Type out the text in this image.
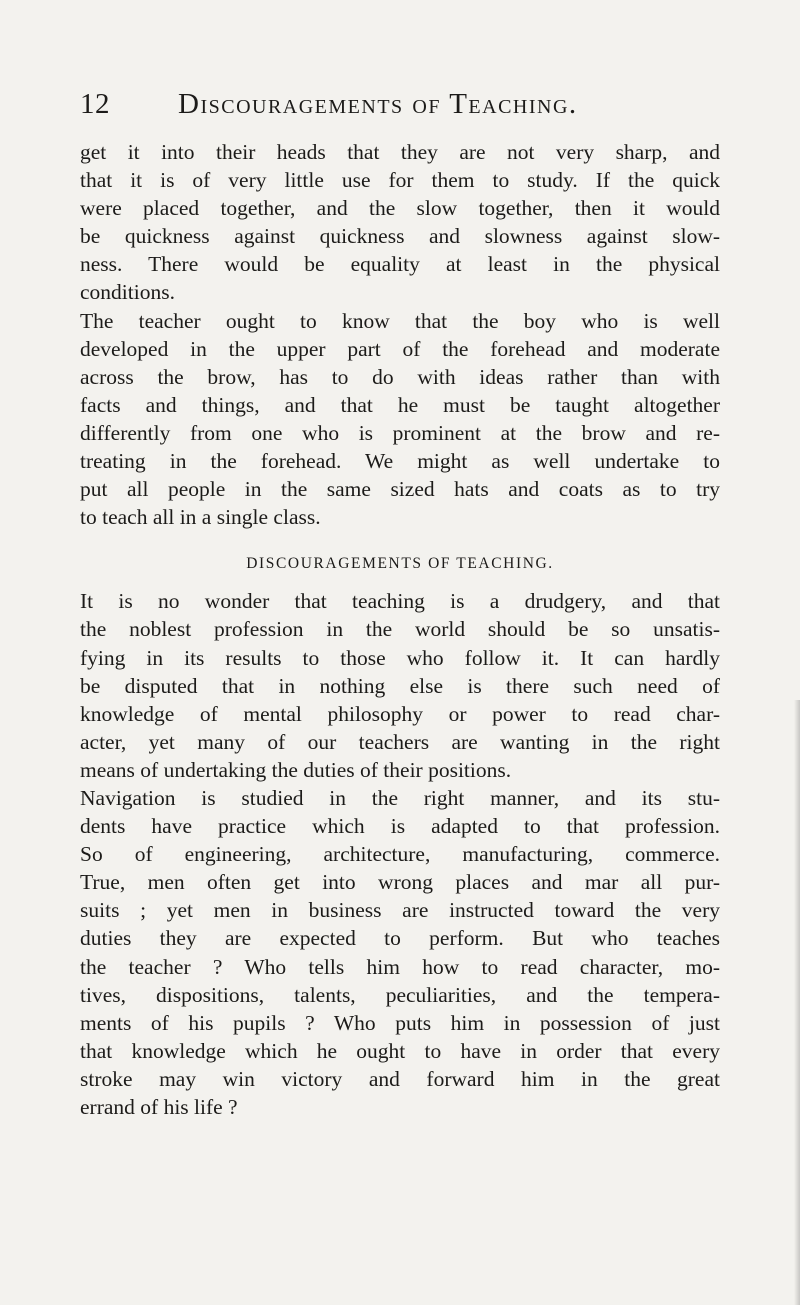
12 Discouragements of Teaching.
get it into their heads that they are not very sharp, and
that it is of very little use for them to study. If the quick
were placed together, and the slow together, then it would
be quickness against quickness and slowness against slow-
ness. There would be equality at least in the physical
conditions.
The teacher ought to know that the boy who is well
developed in the upper part of the forehead and moderate
across the brow, has to do with ideas rather than with
facts and things, and that he must be taught altogether
differently from one who is prominent at the brow and re-
treating in the forehead. We might as well undertake to
put all people in the same sized hats and coats as to try
to teach all in a single class.
DISCOURAGEMENTS OF TEACHING.
It is no wonder that teaching is a drudgery, and that
the noblest profession in the world should be so unsatis-
fying in its results to those who follow it. It can hardly
be disputed that in nothing else is there such need of
knowledge of mental philosophy or power to read char-
acter, yet many of our teachers are wanting in the right
means of undertaking the duties of their positions.
Navigation is studied in the right manner, and its stu-
dents have practice which is adapted to that profession.
So of engineering, architecture, manufacturing, commerce.
True, men often get into wrong places and mar all pur-
suits ; yet men in business are instructed toward the very
duties they are expected to perform. But who teaches
the teacher ? Who tells him how to read character, mo-
tives, dispositions, talents, peculiarities, and the tempera-
ments of his pupils ? Who puts him in possession of just
that knowledge which he ought to have in order that every
stroke may win victory and forward him in the great
errand of his life ?
